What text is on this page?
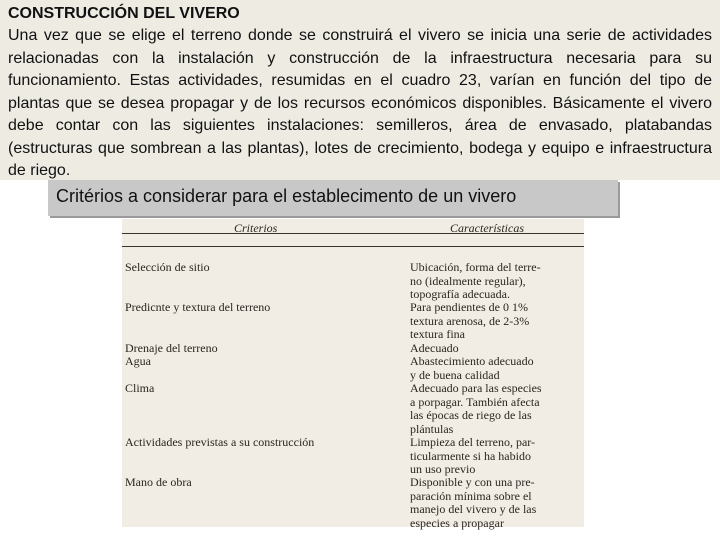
CONSTRUCCIÓN DEL VIVERO

Una vez que se elige el terreno donde se construirá el vivero se inicia una serie de actividades relacionadas con la instalación y construcción de la infraestructura necesaria para su funcionamiento. Estas actividades, resumidas en el cuadro 23, varían en función del tipo de plantas que se desea propagar y de los recursos económicos disponibles. Básicamente el vivero debe contar con las siguientes instalaciones: semilleros, área de envasado, platabandas (estructuras que sombrean a las plantas), lotes de crecimiento, bodega y equipo e infraestructura de riego.

Critérios a considerar para el establecimento de un vivero
Criterios	Características
Selección de sitio	Ubicación, forma del terre-
no (idealmente regular),
topografía adecuada.
Predicnte y textura del terreno	Para pendientes de 0 1%
textura arenosa, de 2-3%
textura fina
Drenaje del terreno	Adecuado
Agua	Abastecimiento adecuado
y de buena calidad
Clima	Adecuado para las especies
a porpagar. También afecta
las épocas de riego de las
plántulas
Actividades previstas a su construcción	Limpieza del terreno, par-
ticularmente si ha habido
un uso previo
Mano de obra	Disponible y con una pre-
paración mínima sobre el
manejo del vivero y de las
especies a propagar
